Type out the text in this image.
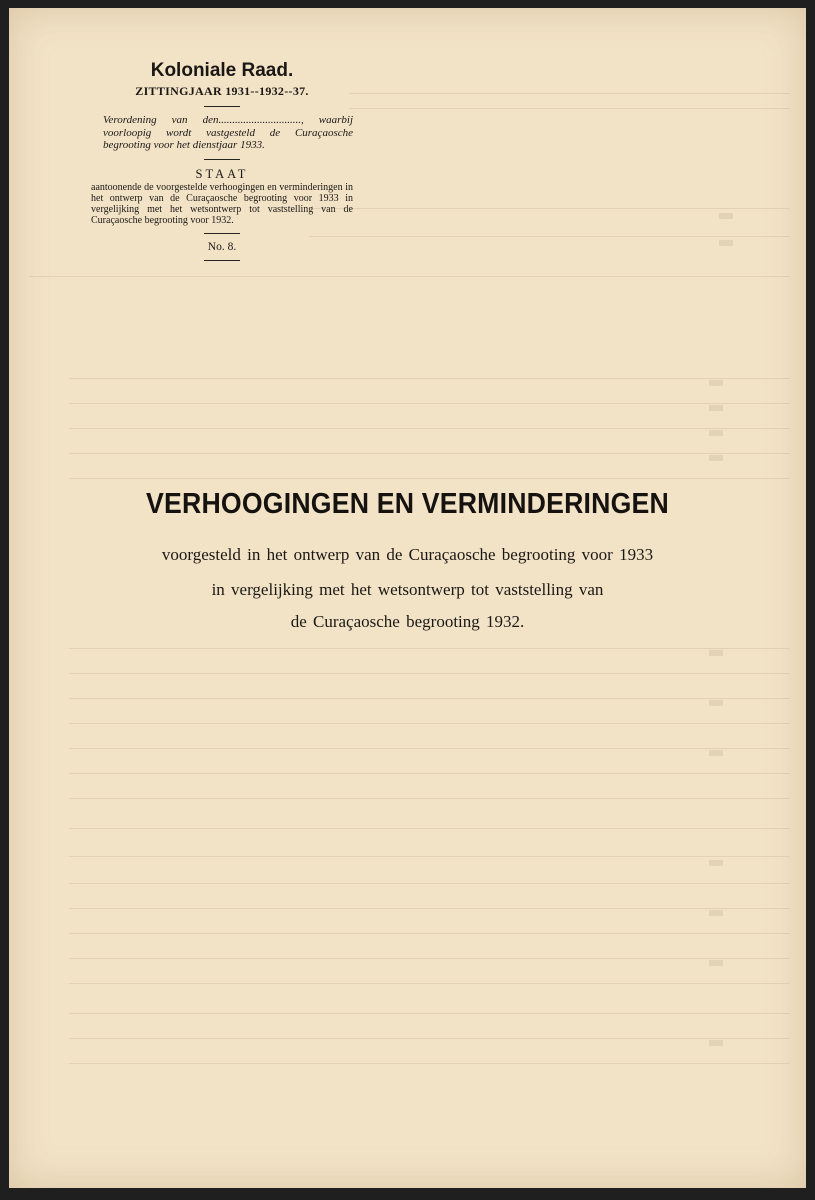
Koloniale Raad.

ZITTINGJAAR 1931--1932--37.

Verordening van den.............................., waarbij voorloopig wordt vastgesteld de Curaçaosche begrooting voor het dienstjaar 1933.

STAAT

aantoonende de voorgestelde verhoogingen en verminderingen in het ontwerp van de Curaçaosche begrooting voor 1933 in vergelijking met het wetsontwerp tot vaststelling van de Curaçaosche begrooting voor 1932.

No. 8.

VERHOOGINGEN EN VERMINDERINGEN

voorgesteld in het ontwerp van de Curaçaosche begrooting voor 1933

in vergelijking met het wetsontwerp tot vaststelling van

de Curaçaosche begrooting 1932.
